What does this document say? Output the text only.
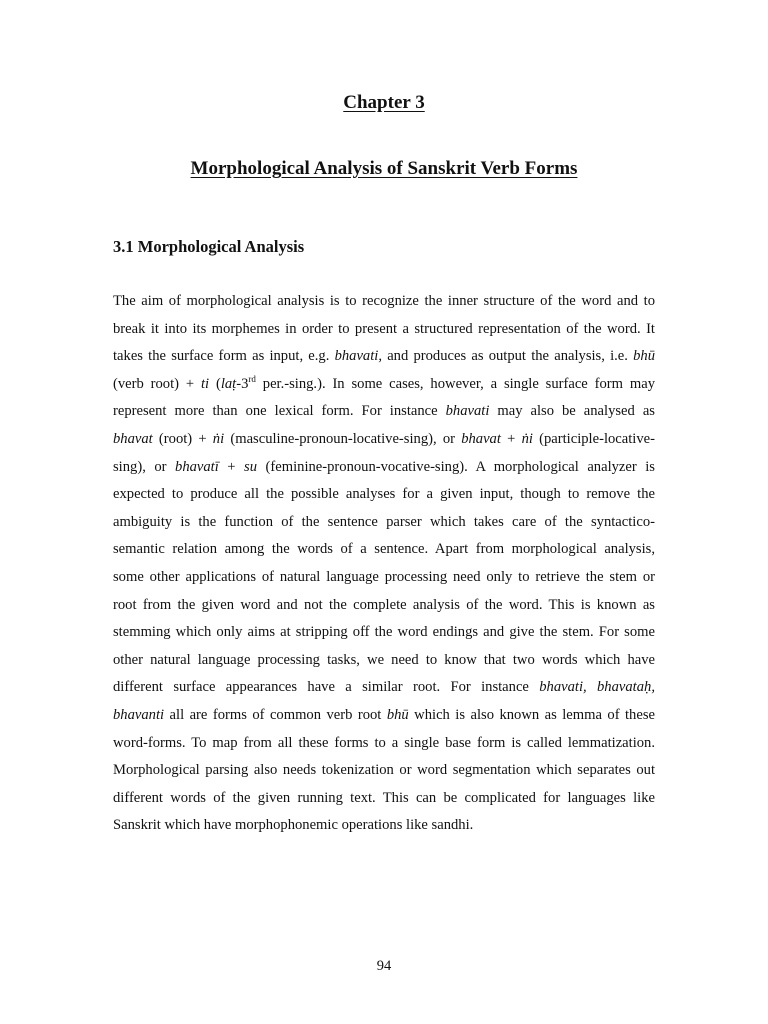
Chapter 3
Morphological Analysis of Sanskrit Verb Forms
3.1 Morphological Analysis
The aim of morphological analysis is to recognize the inner structure of the word and to
break it into its morphemes in order to present a structured representation of the word. It
takes the surface form as input, e.g. bhavati, and produces as output the analysis, i.e. bhū
(verb root) + ti (laṭ-3rd per.-sing.). In some cases, however, a single surface form may
represent more than one lexical form. For instance bhavati may also be analysed as
bhavat (root) + ṅi (masculine-pronoun-locative-sing), or bhavat + ṅi (participle-locative-
sing), or bhavatī + su (feminine-pronoun-vocative-sing). A morphological analyzer is
expected to produce all the possible analyses for a given input, though to remove the
ambiguity is the function of the sentence parser which takes care of the syntactico-
semantic relation among the words of a sentence. Apart from morphological analysis,
some other applications of natural language processing need only to retrieve the stem or
root from the given word and not the complete analysis of the word. This is known as
stemming which only aims at stripping off the word endings and give the stem. For some
other natural language processing tasks, we need to know that two words which have
different surface appearances have a similar root. For instance bhavati, bhavataḥ,
bhavanti all are forms of common verb root bhū which is also known as lemma of these
word-forms. To map from all these forms to a single base form is called lemmatization.
Morphological parsing also needs tokenization or word segmentation which separates out
different words of the given running text. This can be complicated for languages like
Sanskrit which have morphophonemic operations like sandhi.
94
